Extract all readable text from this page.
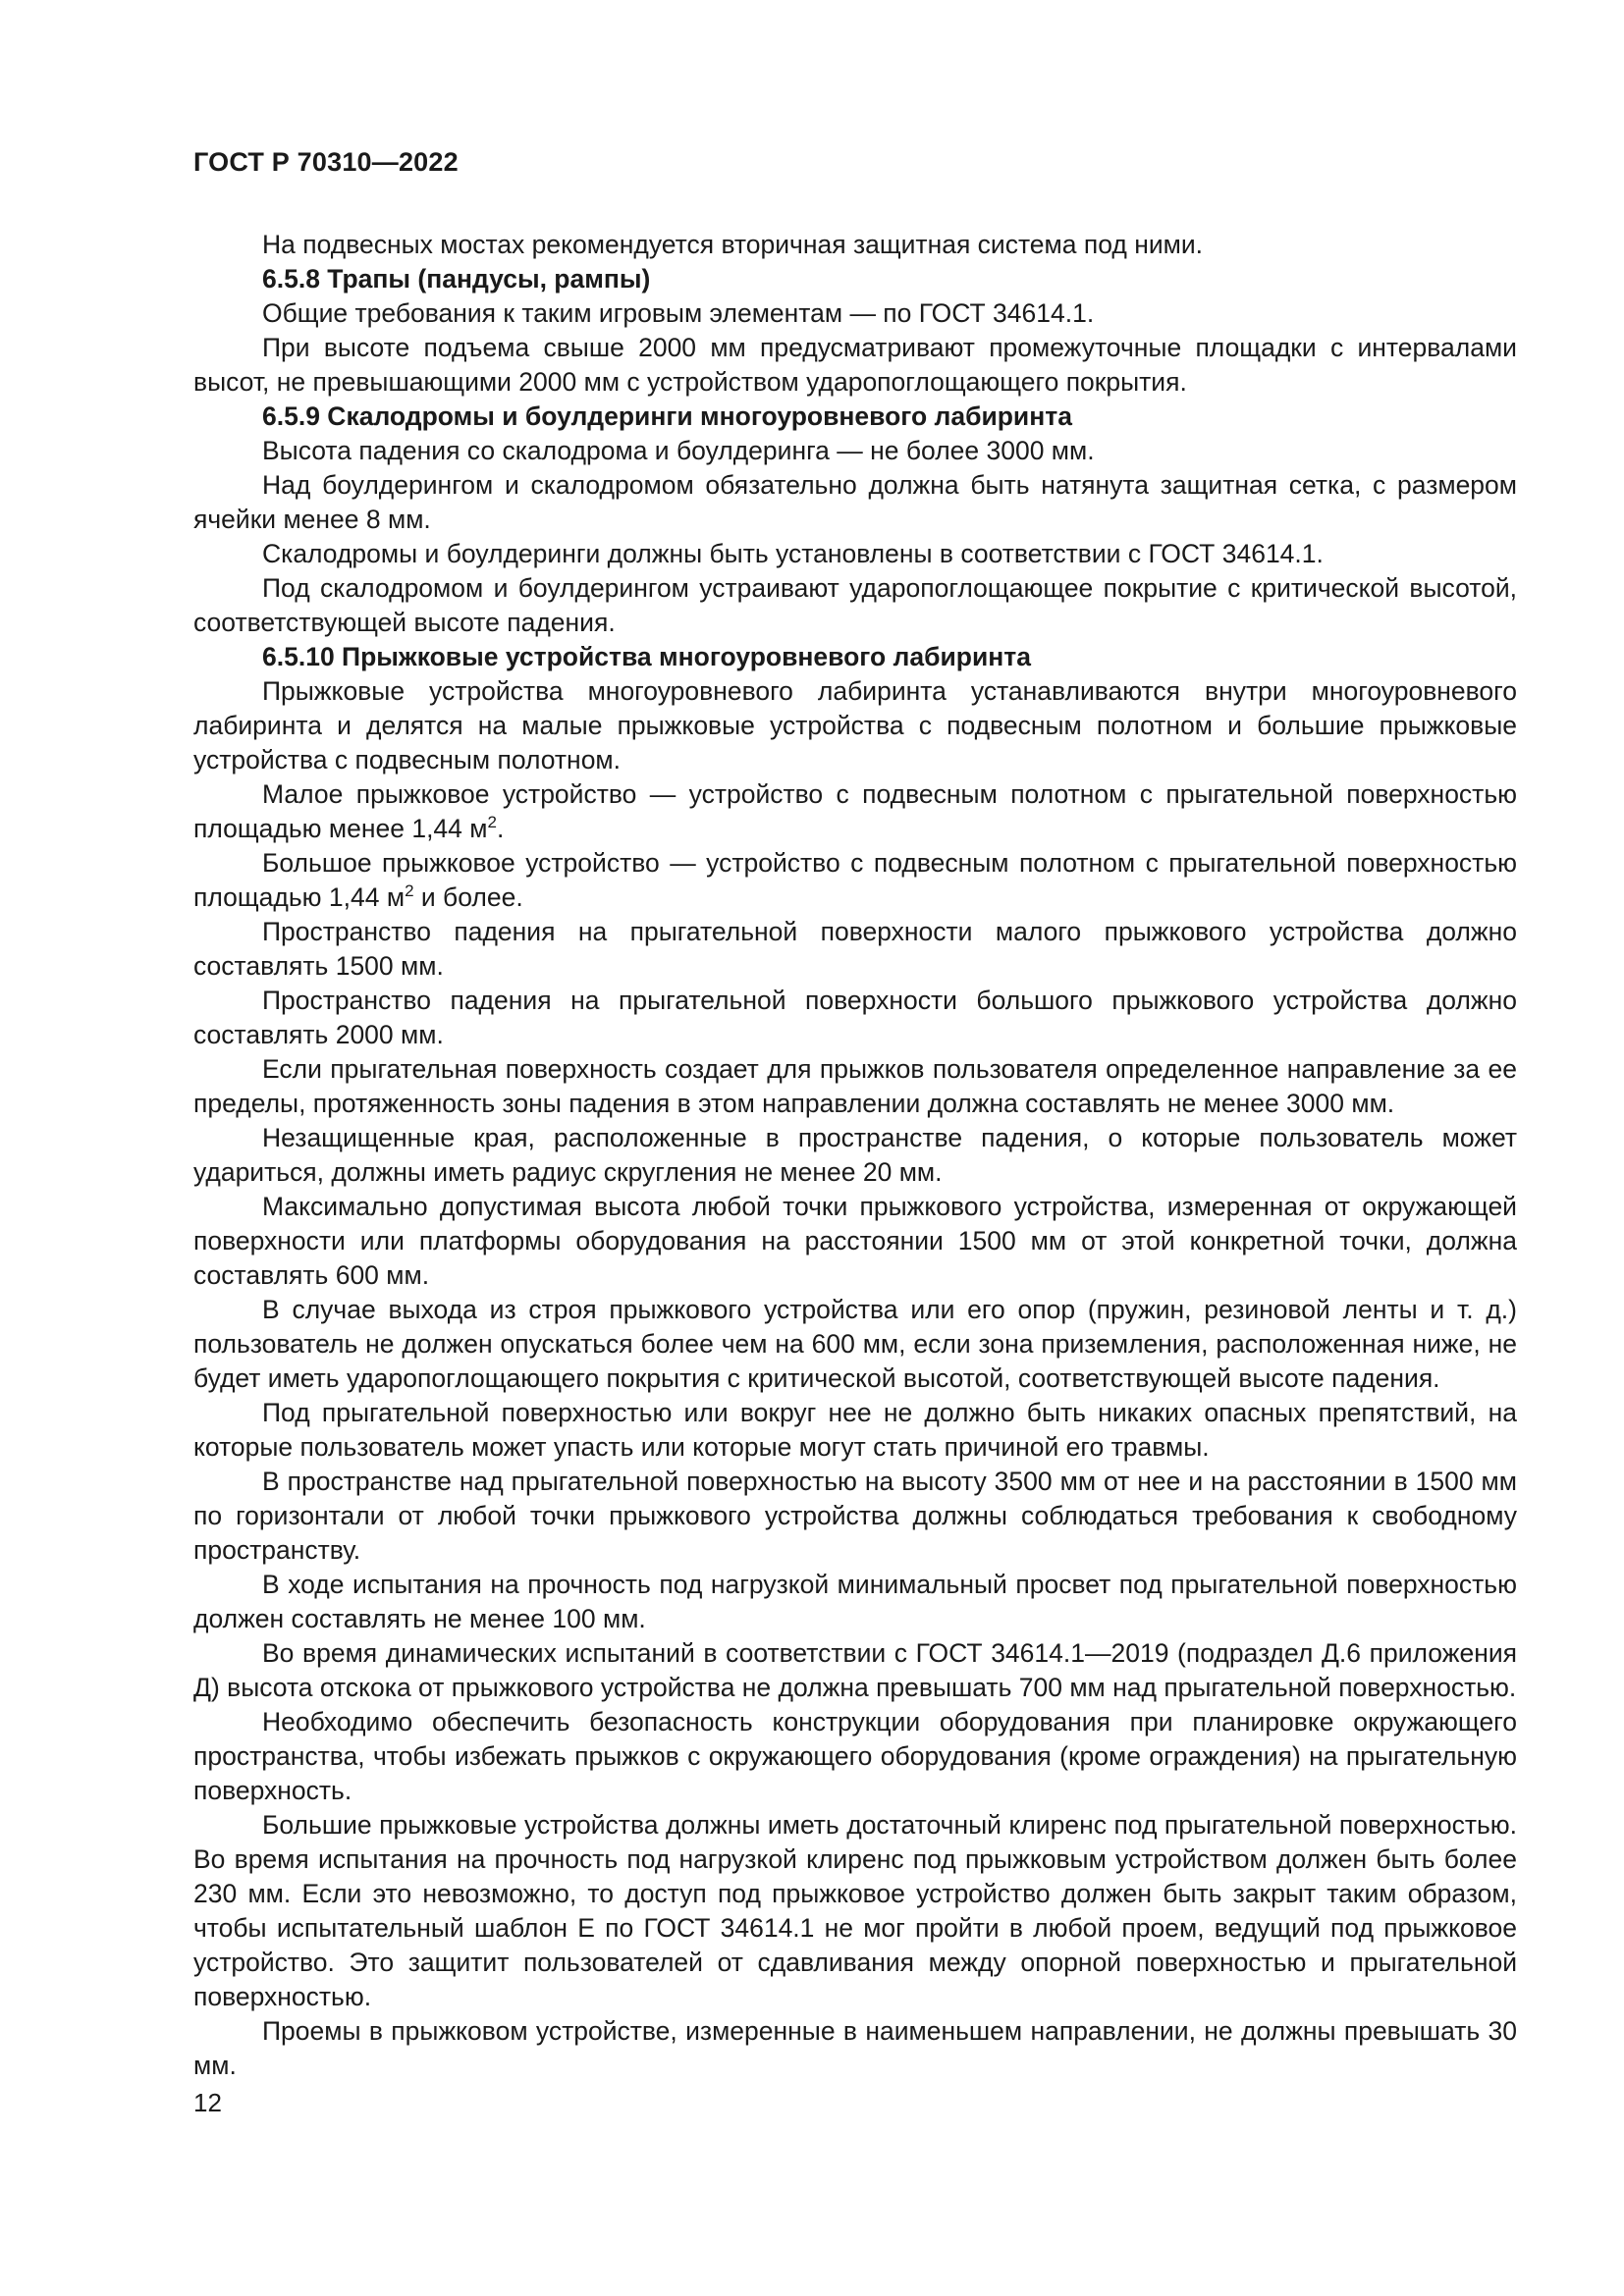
ГОСТ Р 70310—2022

На подвесных мостах рекомендуется вторичная защитная система под ними.

6.5.8 Трапы (пандусы, рампы)

Общие требования к таким игровым элементам — по ГОСТ 34614.1.

При высоте подъема свыше 2000 мм предусматривают промежуточные площадки с интервалами высот, не превышающими 2000 мм с устройством ударопоглощающего покрытия.

6.5.9 Скалодромы и боулдеринги многоуровневого лабиринта

Высота падения со скалодрома и боулдеринга — не более 3000 мм.

Над боулдерингом и скалодромом обязательно должна быть натянута защитная сетка, с размером ячейки менее 8 мм.

Скалодромы и боулдеринги должны быть установлены в соответствии с ГОСТ 34614.1.

Под скалодромом и боулдерингом устраивают ударопоглощающее покрытие с критической высотой, соответствующей высоте падения.

6.5.10 Прыжковые устройства многоуровневого лабиринта

Прыжковые устройства многоуровневого лабиринта устанавливаются внутри многоуровневого лабиринта и делятся на малые прыжковые устройства с подвесным полотном и большие прыжковые устройства с подвесным полотном.

Малое прыжковое устройство — устройство с подвесным полотном с прыгательной поверхностью площадью менее 1,44 $м^2$.

Большое прыжковое устройство — устройство с подвесным полотном с прыгательной поверхностью площадью 1,44 $м^2$ и более.

Пространство падения на прыгательной поверхности малого прыжкового устройства должно составлять 1500 мм.

Пространство падения на прыгательной поверхности большого прыжкового устройства должно составлять 2000 мм.

Если прыгательная поверхность создает для прыжков пользователя определенное направление за ее пределы, протяженность зоны падения в этом направлении должна составлять не менее 3000 мм.

Незащищенные края, расположенные в пространстве падения, о которые пользователь может удариться, должны иметь радиус скругления не менее 20 мм.

Максимально допустимая высота любой точки прыжкового устройства, измеренная от окружающей поверхности или платформы оборудования на расстоянии 1500 мм от этой конкретной точки, должна составлять 600 мм.

В случае выхода из строя прыжкового устройства или его опор (пружин, резиновой ленты и т. д.) пользователь не должен опускаться более чем на 600 мм, если зона приземления, расположенная ниже, не будет иметь ударопоглощающего покрытия с критической высотой, соответствующей высоте падения.

Под прыгательной поверхностью или вокруг нее не должно быть никаких опасных препятствий, на которые пользователь может упасть или которые могут стать причиной его травмы.

В пространстве над прыгательной поверхностью на высоту 3500 мм от нее и на расстоянии в 1500 мм по горизонтали от любой точки прыжкового устройства должны соблюдаться требования к свободному пространству.

В ходе испытания на прочность под нагрузкой минимальный просвет под прыгательной поверхностью должен составлять не менее 100 мм.

Во время динамических испытаний в соответствии с ГОСТ 34614.1—2019 (подраздел Д.6 приложения Д) высота отскока от прыжкового устройства не должна превышать 700 мм над прыгательной поверхностью.

Необходимо обеспечить безопасность конструкции оборудования при планировке окружающего пространства, чтобы избежать прыжков с окружающего оборудования (кроме ограждения) на прыгательную поверхность.

Большие прыжковые устройства должны иметь достаточный клиренс под прыгательной поверхностью. Во время испытания на прочность под нагрузкой клиренс под прыжковым устройством должен быть более 230 мм. Если это невозможно, то доступ под прыжковое устройство должен быть закрыт таким образом, чтобы испытательный шаблон E по ГОСТ 34614.1 не мог пройти в любой проем, ведущий под прыжковое устройство. Это защитит пользователей от сдавливания между опорной поверхностью и прыгательной поверхностью.

Проемы в прыжковом устройстве, измеренные в наименьшем направлении, не должны превышать 30 мм.

12
